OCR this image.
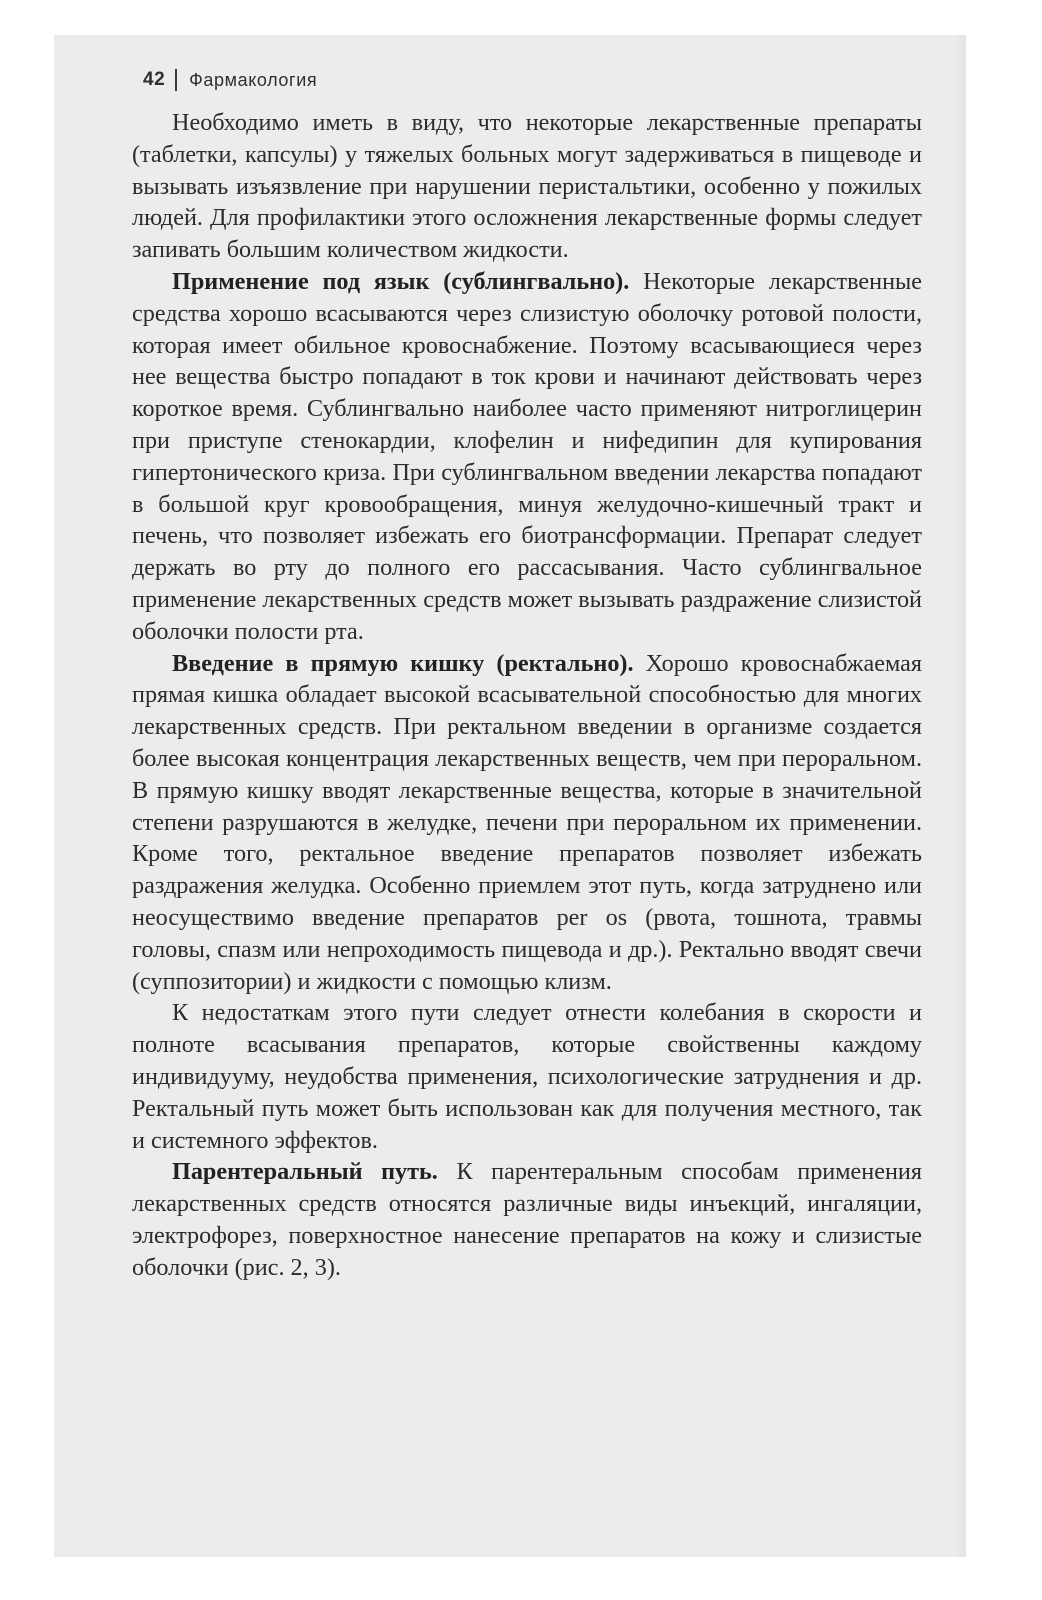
42 Фармакология

Необходимо иметь в виду, что некоторые лекарственные препараты (таблетки, капсулы) у тяжелых больных могут задерживаться в пищеводе и вызывать изъязвление при нарушении перистальтики, особенно у пожилых людей. Для профилактики этого осложнения лекарственные формы следует запивать большим количеством жидкости.

Применение под язык (сублингвально). Некоторые лекарственные средства хорошо всасываются через слизистую оболочку ротовой полости, которая имеет обильное кровоснабжение. Поэтому всасывающиеся через нее вещества быстро попадают в ток крови и начинают действовать через короткое время. Сублингвально наиболее часто применяют нитроглицерин при приступе стенокардии, клофелин и нифедипин для купирования гипертонического криза. При сублингвальном введении лекарства попадают в большой круг кровообращения, минуя желудочно-кишечный тракт и печень, что позволяет избежать его биотрансформации. Препарат следует держать во рту до полного его рассасывания. Часто сублингвальное применение лекарственных средств может вызывать раздражение слизистой оболочки полости рта.

Введение в прямую кишку (ректально). Хорошо кровоснабжаемая прямая кишка обладает высокой всасывательной способностью для многих лекарственных средств. При ректальном введении в организме создается более высокая концентрация лекарственных веществ, чем при пероральном. В прямую кишку вводят лекарственные вещества, которые в значительной степени разрушаются в желудке, печени при пероральном их применении. Кроме того, ректальное введение препаратов позволяет избежать раздражения желудка. Особенно приемлем этот путь, когда затруднено или неосуществимо введение препаратов per os (рвота, тошнота, травмы головы, спазм или непроходимость пищевода и др.). Ректально вводят свечи (суппозитории) и жидкости с помощью клизм.

К недостаткам этого пути следует отнести колебания в скорости и полноте всасывания препаратов, которые свойственны каждому индивидууму, неудобства применения, психологические затруднения и др. Ректальный путь может быть использован как для получения местного, так и системного эффектов.

Парентеральный путь. К парентеральным способам применения лекарственных средств относятся различные виды инъекций, ингаляции, электрофорез, поверхностное нанесение препаратов на кожу и слизистые оболочки (рис. 2, 3).
